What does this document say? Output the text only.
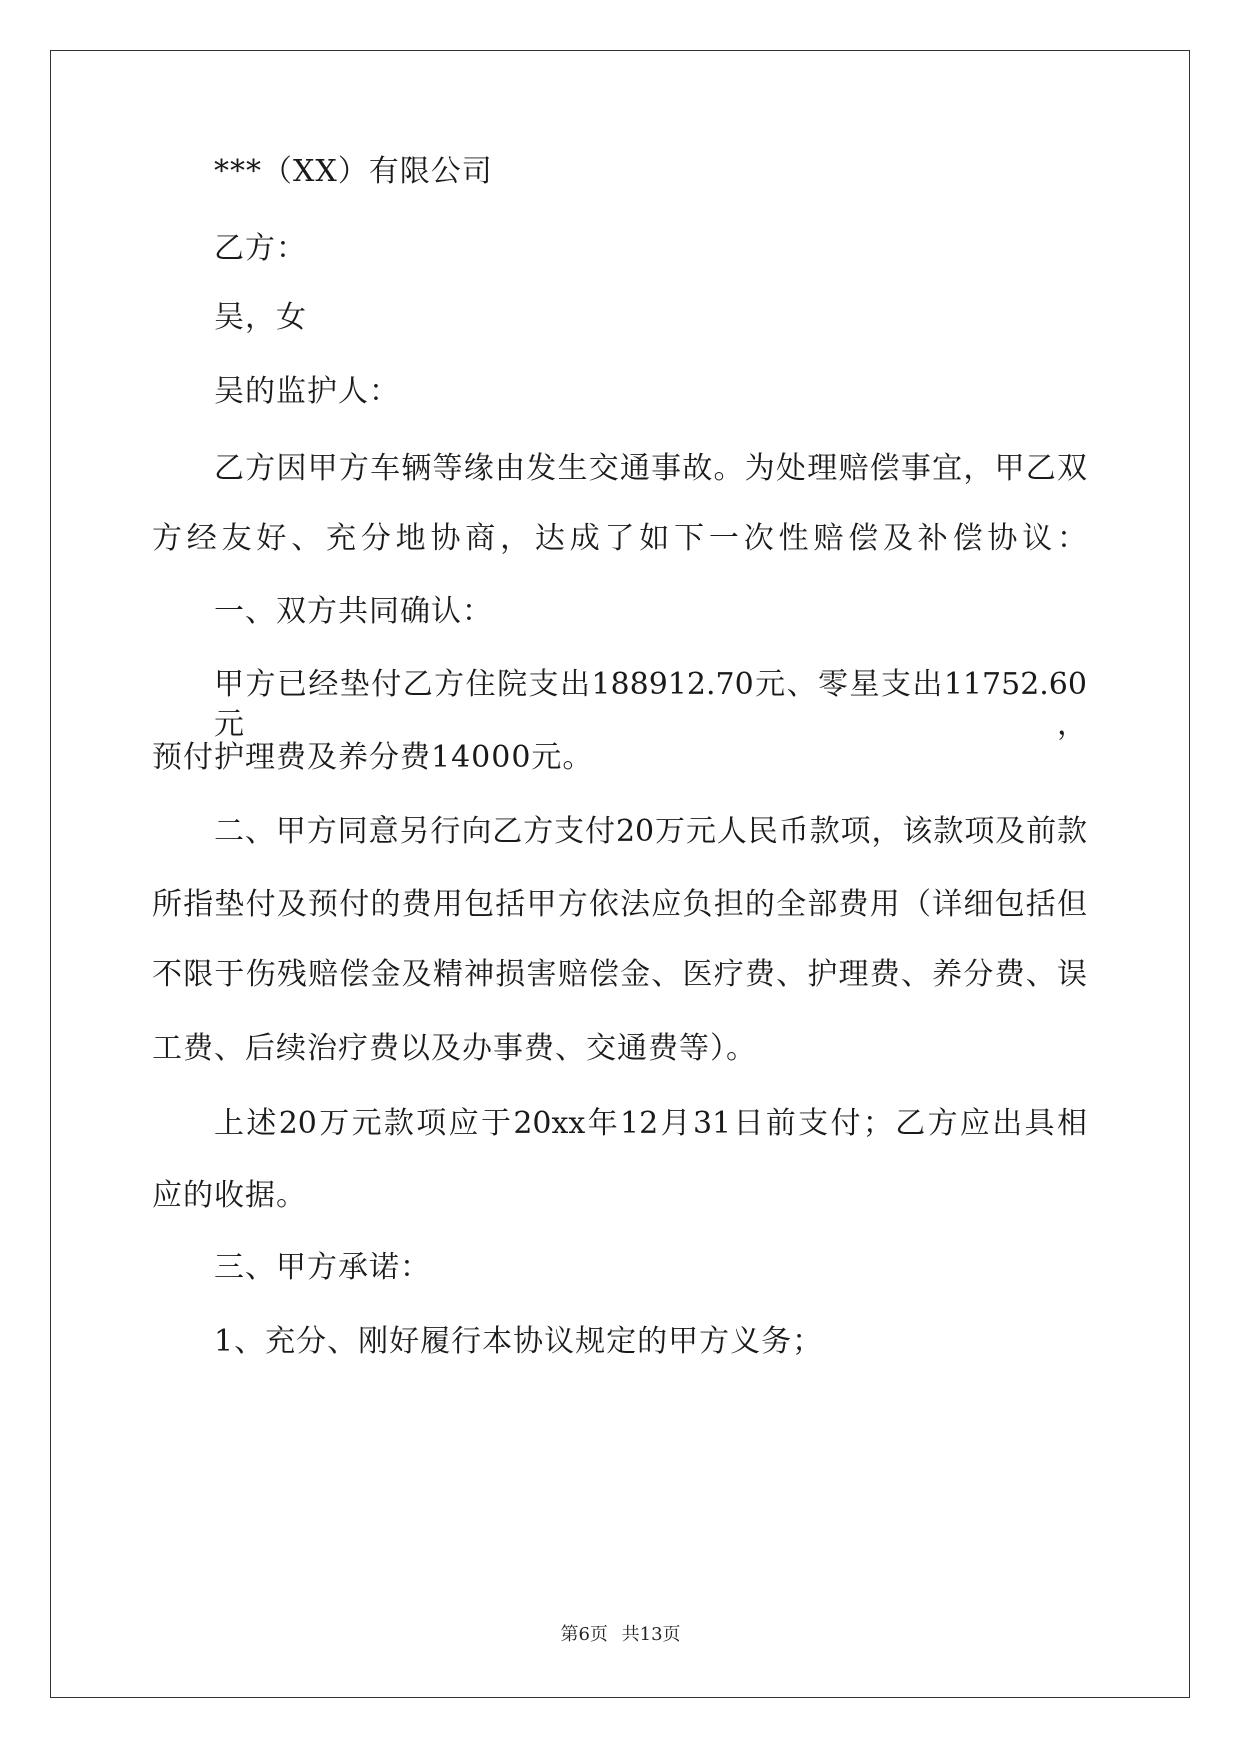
***（XX）有限公司
乙方：
吴，女
吴的监护人：
乙方因甲方车辆等缘由发生交通事故。为处理赔偿事宜，甲乙双
方经友好、充分地协商，达成了如下一次性赔偿及补偿协议：
一、双方共同确认：
甲方已经垫付乙方住院支出188912.70元、零星支出11752.60元，
预付护理费及养分费14000元。
二、甲方同意另行向乙方支付20万元人民币款项，该款项及前款
所指垫付及预付的费用包括甲方依法应负担的全部费用（详细包括但
不限于伤残赔偿金及精神损害赔偿金、医疗费、护理费、养分费、误
工费、后续治疗费以及办事费、交通费等）。
上述20万元款项应于20xx年12月31日前支付；乙方应出具相
应的收据。
三、甲方承诺：
1、充分、刚好履行本协议规定的甲方义务；
第6页 共13页
